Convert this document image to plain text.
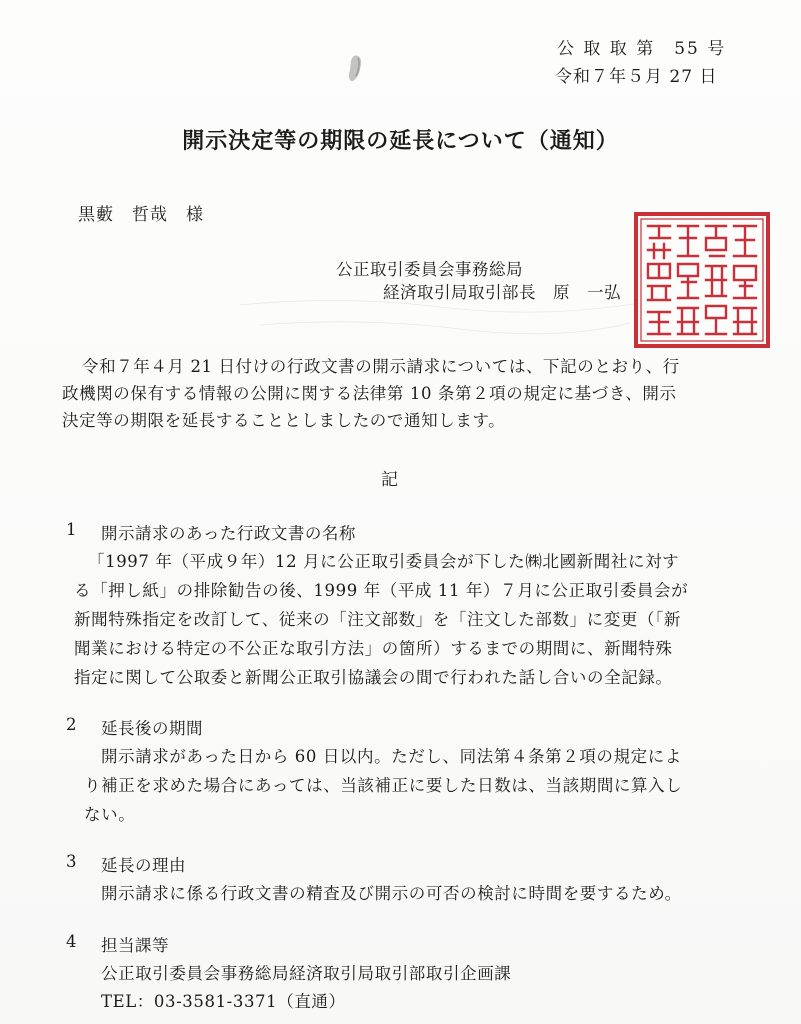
公 取 取 第　55 号
令和７年５月 27 日
開示決定等の期限の延長について（通知）
黒藪　哲哉　様
公正取引委員会事務総局
経済取引局取引部長　原　一弘
令和７年４月 21 日付けの行政文書の開示請求については、下記のとおり、行
政機関の保有する情報の公開に関する法律第 10 条第２項の規定に基づき、開示
決定等の期限を延長することとしましたので通知します。
記
1 開示請求のあった行政文書の名称
「1997 年（平成９年）12 月に公正取引委員会が下した㈱北國新聞社に対す
る「押し紙」の排除勧告の後、1999 年（平成 11 年）７月に公正取引委員会が
新聞特殊指定を改訂して、従来の「注文部数」を「注文した部数」に変更（「新
聞業における特定の不公正な取引方法」の箇所）するまでの期間に、新聞特殊
指定に関して公取委と新聞公正取引協議会の間で行われた話し合いの全記録。
2 延長後の期間
開示請求があった日から 60 日以内。ただし、同法第４条第２項の規定によ
り補正を求めた場合にあっては、当該補正に要した日数は、当該期間に算入し
ない。
3 延長の理由
開示請求に係る行政文書の精査及び開示の可否の検討に時間を要するため。
4 担当課等
公正取引委員会事務総局経済取引局取引部取引企画課
TEL：03-3581-3371（直通）
